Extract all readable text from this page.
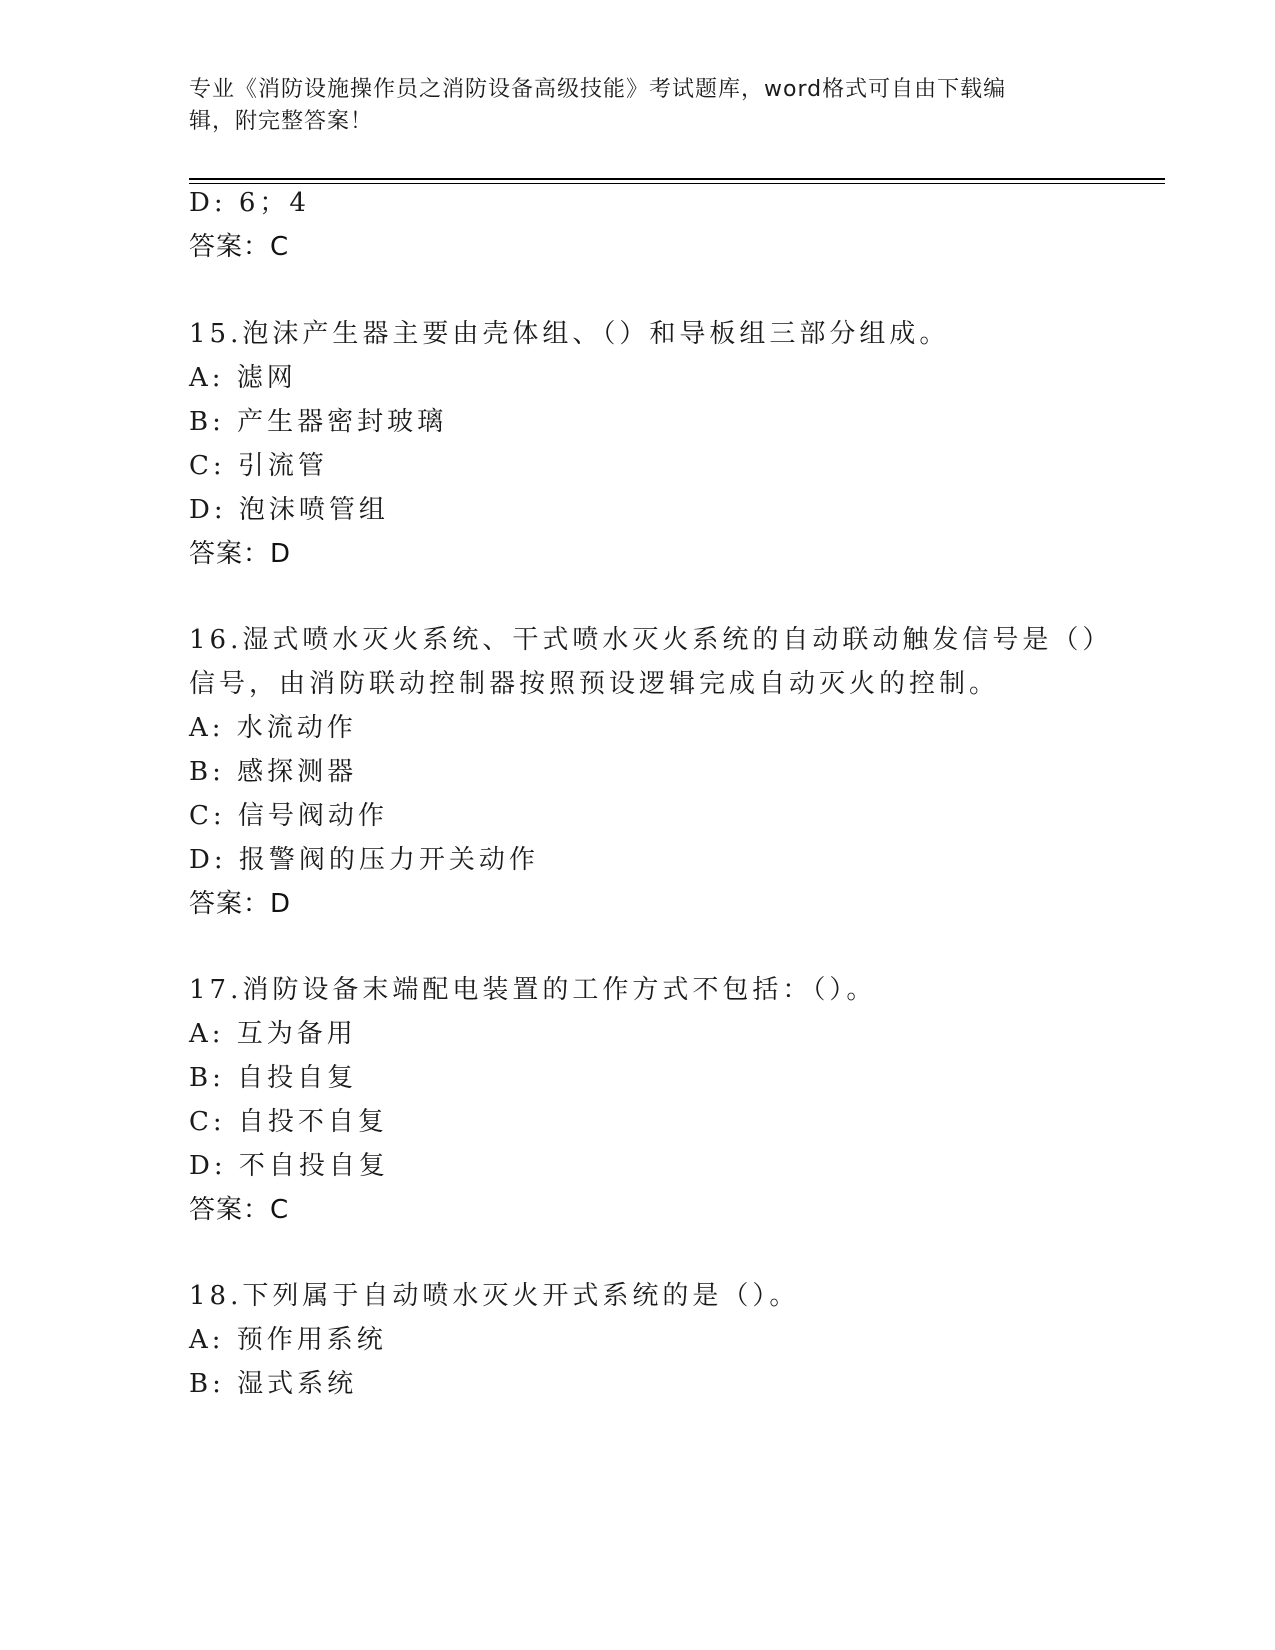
专业《消防设施操作员之消防设备高级技能》考试题库，word格式可自由下载编
辑，附完整答案！
D: 6；4
答案：C
15.泡沫产生器主要由壳体组、（）和导板组三部分组成。
A: 滤网
B: 产生器密封玻璃
C: 引流管
D: 泡沫喷管组
答案：D
16.湿式喷水灭火系统、干式喷水灭火系统的自动联动触发信号是（）
信号，由消防联动控制器按照预设逻辑完成自动灭火的控制。
A: 水流动作
B: 感探测器
C: 信号阀动作
D: 报警阀的压力开关动作
答案：D
17.消防设备末端配电装置的工作方式不包括：（）。
A: 互为备用
B: 自投自复
C: 自投不自复
D: 不自投自复
答案：C
18.下列属于自动喷水灭火开式系统的是（）。
A: 预作用系统
B: 湿式系统
